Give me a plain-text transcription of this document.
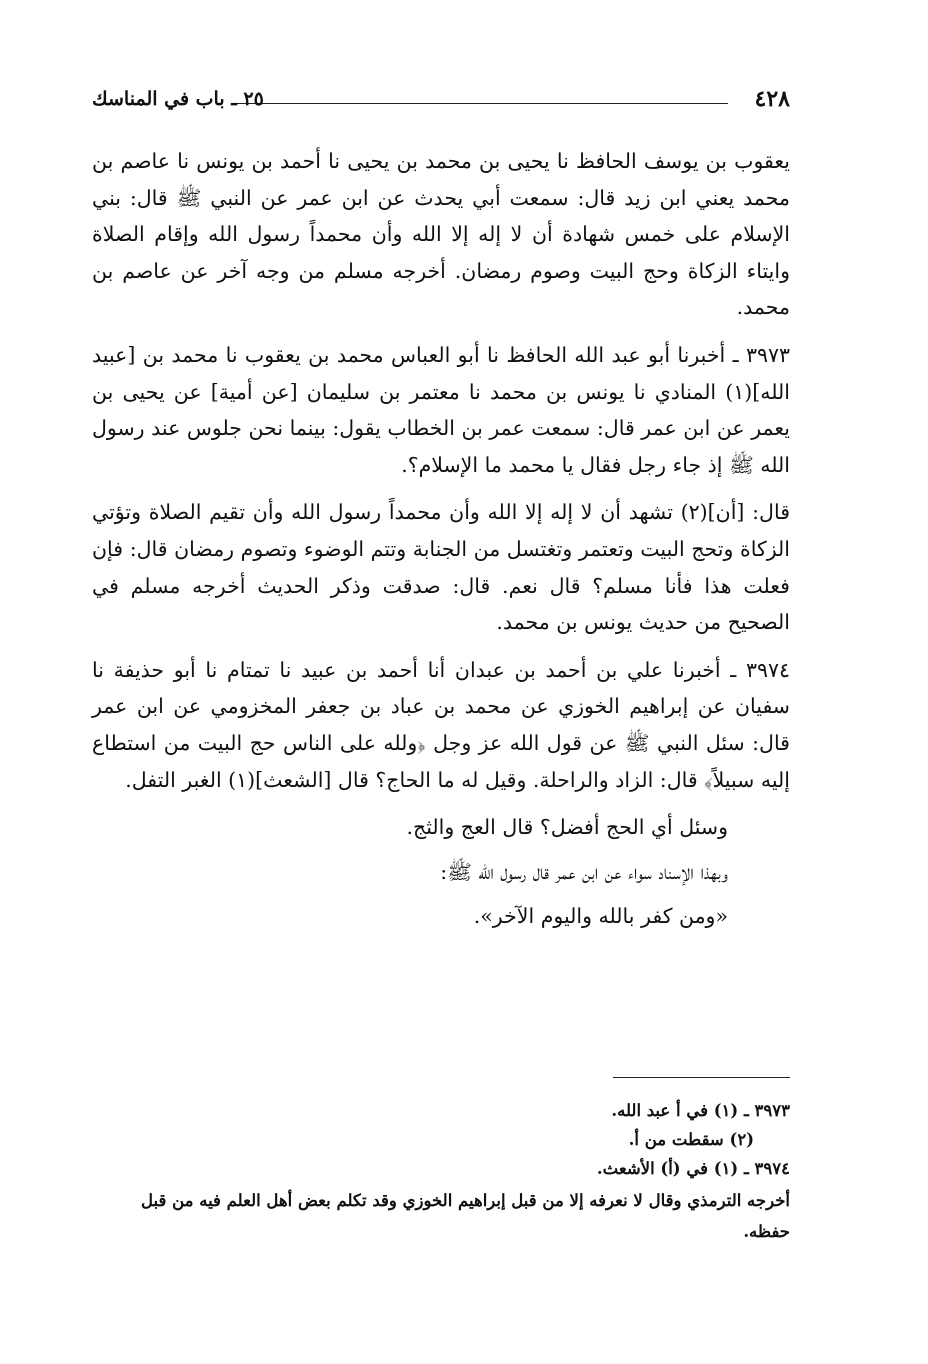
٤٢٨
٢٥ ـ باب في المناسك

يعقوب بن يوسف الحافظ نا يحيى بن محمد بن يحيى نا أحمد بن يونس نا عاصم بن محمد يعني ابن زيد قال: سمعت أبي يحدث عن ابن عمر عن النبي ﷺ قال: بني الإسلام على خمس شهادة أن لا إله إلا الله وأن محمداً رسول الله وإقام الصلاة وايتاء الزكاة وحج البيت وصوم رمضان. أخرجه مسلم من وجه آخر عن عاصم بن محمد.

٣٩٧٣ ـ أخبرنا أبو عبد الله الحافظ نا أبو العباس محمد بن يعقوب نا محمد بن [عبيد الله](١) المنادي نا يونس بن محمد نا معتمر بن سليمان [عن أمية] عن يحيى بن يعمر عن ابن عمر قال: سمعت عمر بن الخطاب يقول: بينما نحن جلوس عند رسول الله ﷺ إذ جاء رجل فقال يا محمد ما الإسلام؟.

قال: [أن](٢) تشهد أن لا إله إلا الله وأن محمداً رسول الله وأن تقيم الصلاة وتؤتي الزكاة وتحج البيت وتعتمر وتغتسل من الجنابة وتتم الوضوء وتصوم رمضان قال: فإن فعلت هذا فأنا مسلم؟ قال نعم. قال: صدقت وذكر الحديث أخرجه مسلم في الصحيح من حديث يونس بن محمد.

٣٩٧٤ ـ أخبرنا علي بن أحمد بن عبدان أنا أحمد بن عبيد نا تمتام نا أبو حذيفة نا سفيان عن إبراهيم الخوزي عن محمد بن عباد بن جعفر المخزومي عن ابن عمر قال: سئل النبي ﷺ عن قول الله عز وجل ﴿ولله على الناس حج البيت من استطاع إليه سبيلاً﴾ قال: الزاد والراحلة. وقيل له ما الحاج؟ قال [الشعث](١) الغبر التفل.

وسئل أي الحج أفضل؟ قال العج والثج.

وبهذا الإسناد سواء عن ابن عمر قال رسول الله ﷺ:

«ومن كفر بالله واليوم الآخر».

٣٩٧٣ ـ (١) في أ عبد الله.
(٢) سقطت من أ.
٣٩٧٤ ـ (١) في (أ) الأشعث.
أخرجه الترمذي وقال لا نعرفه إلا من قبل إبراهيم الخوزي وقد تكلم بعض أهل العلم فيه من قبل حفظه.
